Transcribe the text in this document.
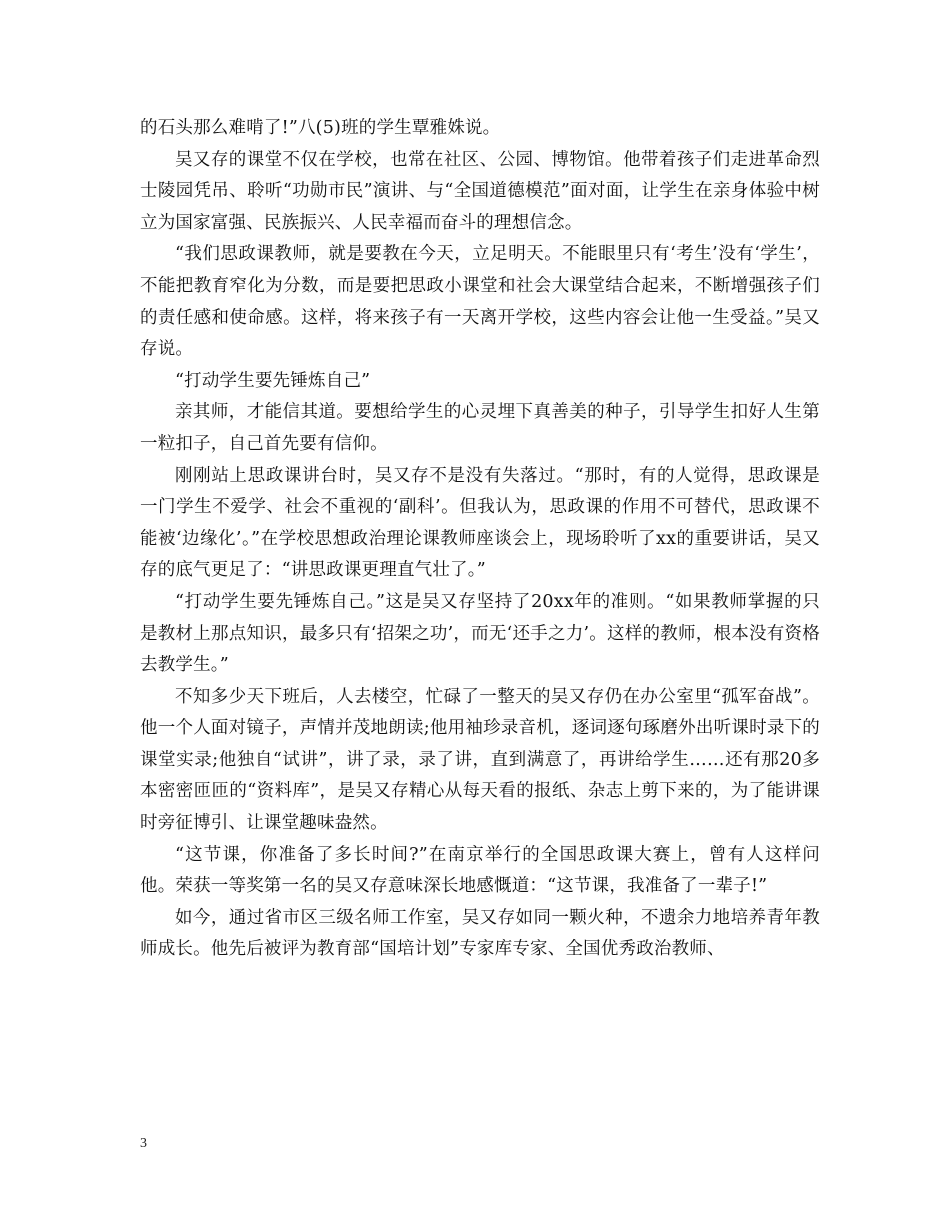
的石头那么难啃了!”八(5)班的学生覃雅姝说。

吴又存的课堂不仅在学校，也常在社区、公园、博物馆。他带着孩子们走进革命烈士陵园凭吊、聆听“功勋市民”演讲、与“全国道德模范”面对面，让学生在亲身体验中树立为国家富强、民族振兴、人民幸福而奋斗的理想信念。

“我们思政课教师，就是要教在今天，立足明天。不能眼里只有‘考生’没有‘学生’，不能把教育窄化为分数，而是要把思政小课堂和社会大课堂结合起来，不断增强孩子们的责任感和使命感。这样，将来孩子有一天离开学校，这些内容会让他一生受益。”吴又存说。

“打动学生要先锤炼自己”

亲其师，才能信其道。要想给学生的心灵埋下真善美的种子，引导学生扣好人生第一粒扣子，自己首先要有信仰。

刚刚站上思政课讲台时，吴又存不是没有失落过。“那时，有的人觉得，思政课是一门学生不爱学、社会不重视的‘副科’。但我认为，思政课的作用不可替代，思政课不能被‘边缘化’。”在学校思想政治理论课教师座谈会上，现场聆听了xx的重要讲话，吴又存的底气更足了：“讲思政课更理直气壮了。”

“打动学生要先锤炼自己。”这是吴又存坚持了20xx年的准则。“如果教师掌握的只是教材上那点知识，最多只有‘招架之功’，而无‘还手之力’。这样的教师，根本没有资格去教学生。”

不知多少天下班后，人去楼空，忙碌了一整天的吴又存仍在办公室里“孤军奋战”。他一个人面对镜子，声情并茂地朗读;他用袖珍录音机，逐词逐句琢磨外出听课时录下的课堂实录;他独自“试讲”，讲了录，录了讲，直到满意了，再讲给学生……还有那20多本密密匝匝的“资料库”，是吴又存精心从每天看的报纸、杂志上剪下来的，为了能讲课时旁征博引、让课堂趣味盎然。

“这节课，你准备了多长时间?”在南京举行的全国思政课大赛上，曾有人这样问他。荣获一等奖第一名的吴又存意味深长地感慨道：“这节课，我准备了一辈子!”

如今，通过省市区三级名师工作室，吴又存如同一颗火种，不遗余力地培养青年教师成长。他先后被评为教育部“国培计划”专家库专家、全国优秀政治教师、

3
